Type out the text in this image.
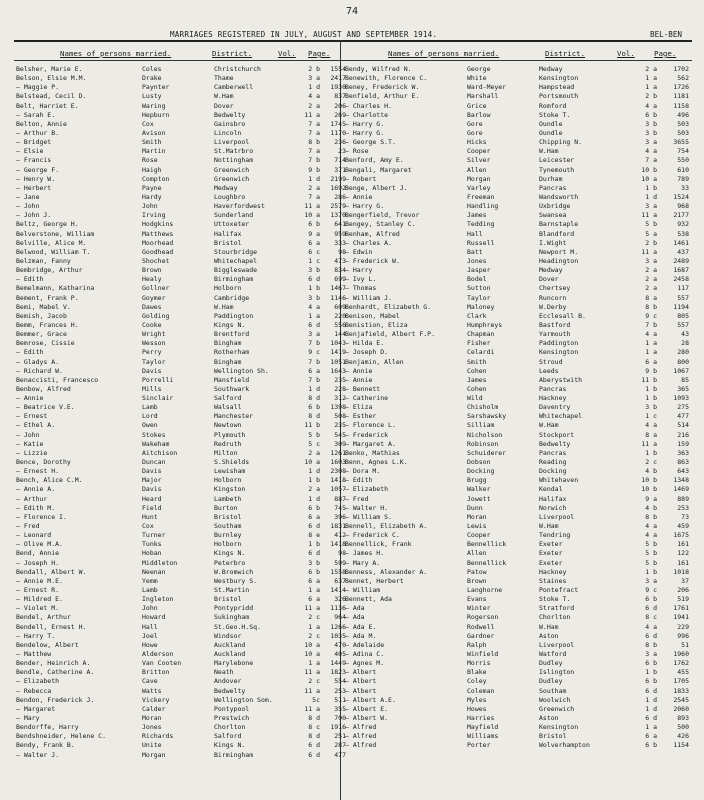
74
MARRIAGES REGISTERED IN JULY, AUGUST AND SEPTEMBER 1914.	BEL-BEN
Names of persons married.	District.	Vol. Page.	Names of persons married.	District.	Vol.	Page.
Belsher, Marie E.	Coles	Christchurch	2 b	1554
Belson, Elsie M.M.	Drake	Thame	3 a	2417
— Maggie P.	Paynter	Camberwell	1 d	1930
Belstead, Cecil D.	Lusty	W.Ham	4 a	837
Belt, Harriet E.	Waring	Dover	2 a	206
— Sarah E.	Hepburn	Bedwelty	11 a	269
Belton, Annie	Cox	Gainsbro	7 a	1745
— Arthur B.	Avison	Lincoln	7 a	1170
— Bridget	Smith	Liverpool	8 b	236
— Elsie	Martin	St.Matrbro	7 a	23
— Francis	Rose	Nottingham	7 b	714
— George F.	Haigh	Greenwich	9 b	371
— Henry W.	Compton	Greenwich	1 d	2199
— Herbert	Payne	Medway	2 a	1692
— Jane	Hardy	Loughbro	7 a	286
— John	John	Haverfordwest	11 a	2579
— John J.	Irving	Sunderland	10 a	1370
Beltz, George H.	Hodgkins	Uttoxeter	6 b	641
Belverstone, William	Matthews	Halifax	9 a	959
Belville, Alice M.	Moorhead	Bristol	6 a	333
Belwood, William T.	Goodhead	Stourbridge	6 c	98
Belzman, Fanny	Shochet	Whitechapel	1 c	473
Bembridge, Arthur	Brown	Biggleswade	3 b	834
— Edith	Healy	Birmingham	6 d	699
Bemelmann, Katharina	Gollner	Holborn	1 b	1467
Bement, Frank P.	Goymer	Cambridge	3 b	1146
Bemi, Mabel V.	Dawes	W.Ham	4 a	609
Bemish, Jacob	Golding	Paddington	1 a	220
Bemm, Frances H.	Cooke	Kings N.	6 d	556
Bemmer, Grace	Wright	Brentford	3 a	144
Bemrose, Cissie	Wesson	Bingham	7 b	1043
— Edith	Perry	Rotherham	9 c	1419
— Gladys A.	Taylor	Bingham	7 b	1051
— Richard W.	Davis	Wellington Sh.	6 a	1643
Benaccisti, Francesco	Porrelli	Mansfield	7 b	235
Benbow, Alfred	Mills	Southwark	1 d	228
— Annie	Sinclair	Salford	8 d	312
— Beatrice V.E.	Lamb	Walsall	6 b	1398
— Ernest	Lord	Manchester	8 d	508
— Ethel A.	Owen	Newtown	11 b	235
— John	Stokes	Plymouth	5 b	545
— Katie	Wakeham	Redruth	5 c	309
— Lizzie	Aitchison	Milton	2 a	1261
Bence, Dorothy	Duncan	S.Shields	10 a	1603
— Ernest H.	Davis	Lewisham	1 d	2308
Bench, Alice C.M.	Major	Holborn	1 b	1418
— Annie A.	Davis	Kingston	2 a	1057
— Arthur	Heard	Lambeth	1 d	887
— Edith M.	Field	Burton	6 b	745
— Florence I.	Hunt	Bristol	6 a	396
— Fred	Cox	Southam	6 d	1831
— Leonard	Turner	Burnley	8 e	412
— Olive M.A.	Tunks	Holborn	1 b	1418
Bend, Annie	Hoban	Kings N.	6 d	98
— Joseph H.	Middleton	Peterbro	3 b	599
Bendall, Albert W.	Neenan	W.Bromwich	6 b	1558
— Annie M.E.	Yemm	Westbury S.	6 a	637
— Ernest R.	Lamb	St.Martin	1 a	1414
— Mildred E.	Ingleton	Bristol	6 a	326
— Violet M.	John	Pontypridd	11 a	1136
Bendel, Arthur	Howard	Sukingham	2 c	964
Bendell, Ernest H.	Hall	St.Geo.H.Sq.	1 a	1266
— Harry T.	Joel	Windsor	2 c	1035
Bendelow, Albert	Howe	Auckland	10 a	470
— Matthew	Alderson	Auckland	10 a	405
Bender, Heinrich A.	Van Cooten	Marylebone	1 a	1449
Bendle, Catherine A.	Britton	Neath	11 a	1823
— Elizabeth	Cave	Andover	2 c	554
— Rebecca	Watts	Bedwelty	11 a	253
Bendon, Frederick J.	Vickery	Wellington Som.	5c	511
— Margaret	Calder	Pontypool	11 a	355
— Mary	Moran	Prestwich	8 d	700
Bendorffe, Harry	Jones	Chorlton	8 c	1916
Bendshneider, Helene C.	Richards	Salford	8 d	251
Bendy, Frank B.	Unite	Kings N.	6 d	287
— Walter J.	Morgan	Birmingham	6 d	477
Bendy, Wilfred N.	George	Medway	2 a	1702
Benewith, Florence C.	White	Kensington	1 a	562
Beney, Frederick W.	Ward-Meyer	Hampstead	1 a	1726
Benfield, Arthur E.	Marshall	Portsmouth	2 b	1181
— Charles H.	Grice	Romford	4 a	1158
— Charlotte	Barlow	Stoke T.	6 b	496
— Harry G.	Gore	Oundle	3 b	503
— Harry G.	Gore	Oundle	3 b	503
— George S.T.	Hicks	Chipping N.	3 a	3655
— Rose	Cooper	W.Ham	4 a	754
Benford, Amy E.	Silver	Leicester	7 a	550
Bengali, Margaret	Allen	Tynemouth	10 b	610
— Robert	Morgan	Durham	10 a	789
Benge, Albert J.	Varley	Pancras	1 b	33
— Annie	Freeman	Wandsworth	1 d	1524
— Harry G.	Handling	Uxbridge	3 a	968
Bengerfield, Trevor	James	Swansea	11 a	2177
Bengey, Stanley C.	Tedding	Barnstaple	5 b	932
Benham, Alfred	Hall	Blandford	5 a	538
— Charles A.	Russell	I.Wight	2 b	1461
— Edwin	Batt	Newport M.	11 a	437
— Frederick W.	Jones	Headington	3 a	2489
— Harry	Jasper	Medway	2 a	1687
— Ivy L.	Bodel	Dover	2 a	2458
— Thomas	Sutton	Chertsey	2 a	117
— William J.	Taylor	Runcorn	8 a	557
Benhardt, Elizabeth G.	Maloney	W.Derby	8 b	1194
Benison, Mabel	Clark	Ecclesall B.	9 c	805
Benistion, Eliza	Humphreys	Bastford	7 b	557
Benjafield, Albert F.P.	Chapman	Yarmouth	4 a	43
— Hilda E.	Fisher	Paddington	1 a	28
— Joseph D.	Celardi	Kensington	1 a	280
Benjamin, Allen	Smith	Stroud	6 a	800
— Annie	Cohen	Leeds	9 b	1067
— Annie	James	Aberystwith	11 b	85
— Bennett	Cohen	Pancras	1 b	365
— Catherine	Wild	Hackney	1 b	1093
— Eliza	Chisholm	Daventry	3 b	275
— Esther	Sarshawsky	Whitechapel	1 c	477
— Florence L.	Silliam	W.Ham	4 a	514
— Frederick	Nicholson	Stockport	8 a	216
— Margaret A.	Robinson	Bedwelty	11 a	159
Benko, Mathias	Schuiderer	Pancras	1 b	363
Benn, Agnes L.K.	Dobson	Reading	2 c	863
— Dora M.	Docking	Docking	4 b	643
— Edith	Brugg	Whitehaven	10 b	1348
— Elizabeth	Walker	Kendal	10 b	1469
— Fred	Jowett	Halifax	9 a	889
— Walter H.	Dunn	Norwich	4 b	253
— William S.	Moran	Liverpool	8 b	73
Bennell, Elizabeth A.	Lewis	W.Ham	4 a	459
— Frederick C.	Cooper	Tendring	4 a	1675
Bennellick, Frank	Bennellick	Exeter	5 b	161
— James H.	Allen	Exeter	5 b	122
— Mary A.	Bennellick	Exeter	5 b	161
Benness, Alexander A.	Patow	Hackney	1 b	1018
Bennet, Herbert	Brown	Staines	3 a	37
— William	Langhorne	Pontefract	9 c	206
Bennett, Ada	Evans	Stoke T.	6 b	519
— Ada	Winter	Stratford	6 d	1761
— Ada	Rogerson	Chorlton	8 c	1941
— Ada E.	Rodwell	W.Ham	4 a	229
— Ada M.	Gardner	Aston	6 d	996
— Adelaide	Ralph	Liverpool	8 b	51
— Adina C.	Winfield	Watford	3 a	1960
— Agnes M.	Morris	Dudley	6 b	1762
— Albert	Blake	Islington	1 b	455
— Albert	Coley	Dudley	6 b	1705
— Albert	Coleman	Southam	6 d	1833
— Albert A.E.	Myles	Woolwich	1 d	2545
— Albert E.	Howes	Greenwich	1 d	2060
— Albert W.	Harries	Aston	6 d	893
— Alfred	Mayfield	Kensington	1 a	500
— Alfred	Williams	Bristol	6 a	426
— Alfred	Porter	Wolverhampton	6 b	1154
